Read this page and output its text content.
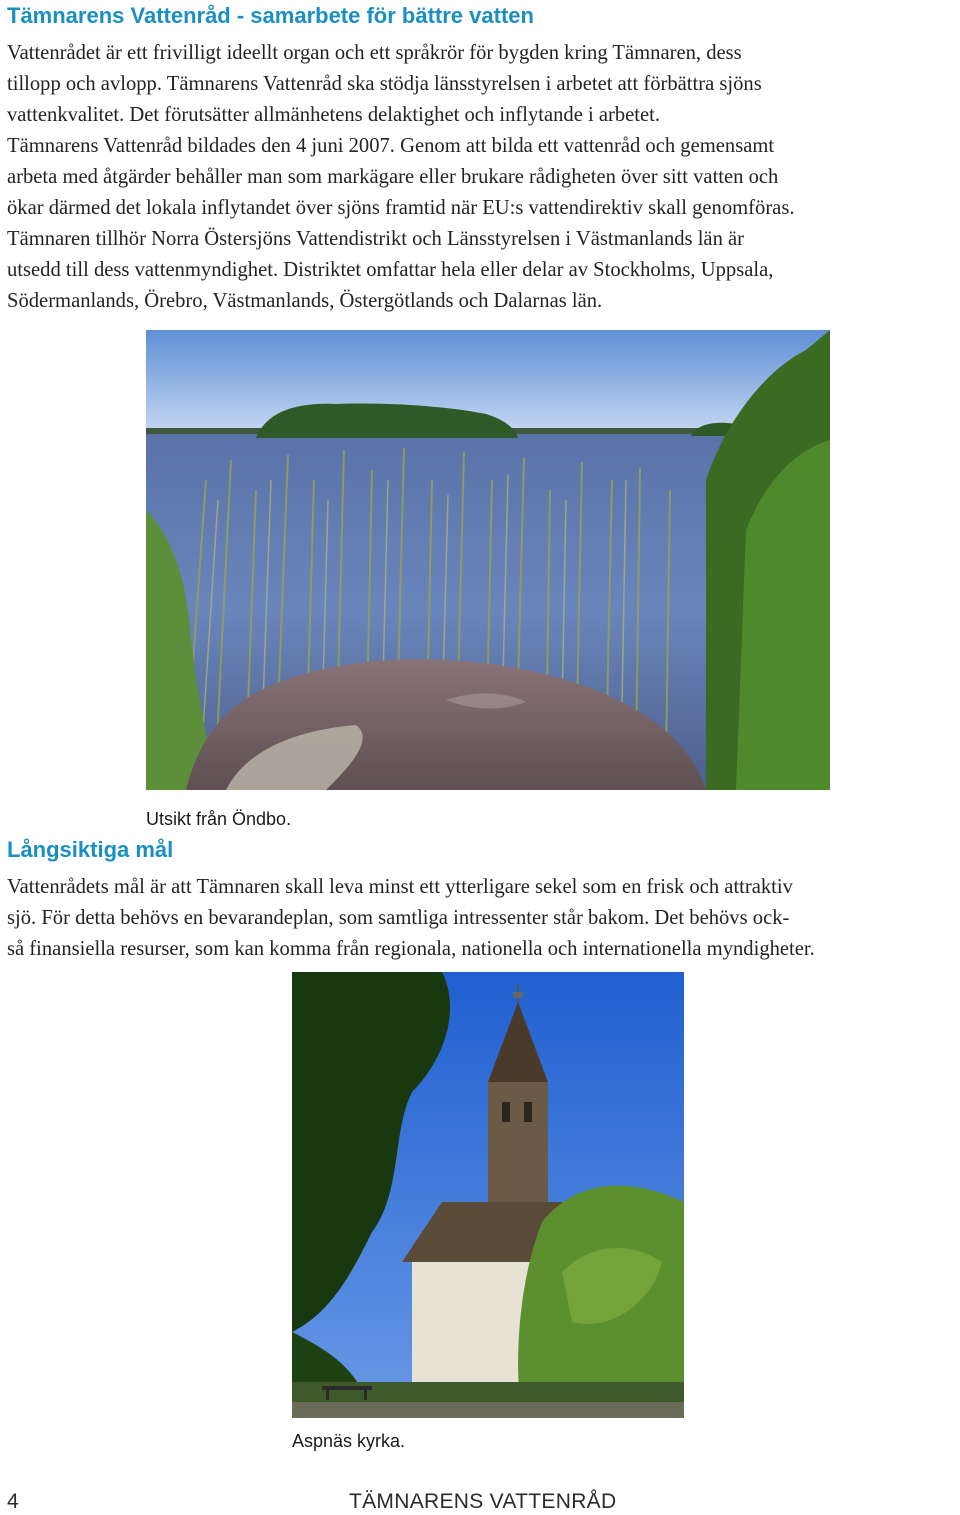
Tämnarens Vattenråd - samarbete för bättre vatten
Vattenrådet är ett frivilligt ideellt organ och ett språkrör för bygden kring Tämnaren, dess
tillopp och avlopp. Tämnarens Vattenråd ska stödja länsstyrelsen i arbetet att förbättra sjöns
vattenkvalitet. Det förutsätter allmänhetens delaktighet och inflytande i arbetet.
Tämnarens Vattenråd bildades den 4 juni 2007. Genom att bilda ett vattenråd och gemensamt
arbeta med åtgärder behåller man som markägare eller brukare rådigheten över sitt vatten och
ökar därmed det lokala inflytandet över sjöns framtid när EU:s vattendirektiv skall genomföras.
Tämnaren tillhör Norra Östersjöns Vattendistrikt och Länsstyrelsen i Västmanlands län är
utsedd till dess vattenmyndighet. Distriktet omfattar hela eller delar av Stockholms, Uppsala,
Södermanlands, Örebro, Västmanlands, Östergötlands och Dalarnas län.

Utsikt från Öndbo.

Långsiktiga mål
Vattenrådets mål är att Tämnaren skall leva minst ett ytterligare sekel som en frisk och attraktiv
sjö. För detta behövs en bevarandeplan, som samtliga intressenter står bakom. Det behövs ock-
så finansiella resurser, som kan komma från regionala, nationella och internationella myndigheter.

Aspnäs kyrka.

4	TÄMNARENS VATTENRÅD
